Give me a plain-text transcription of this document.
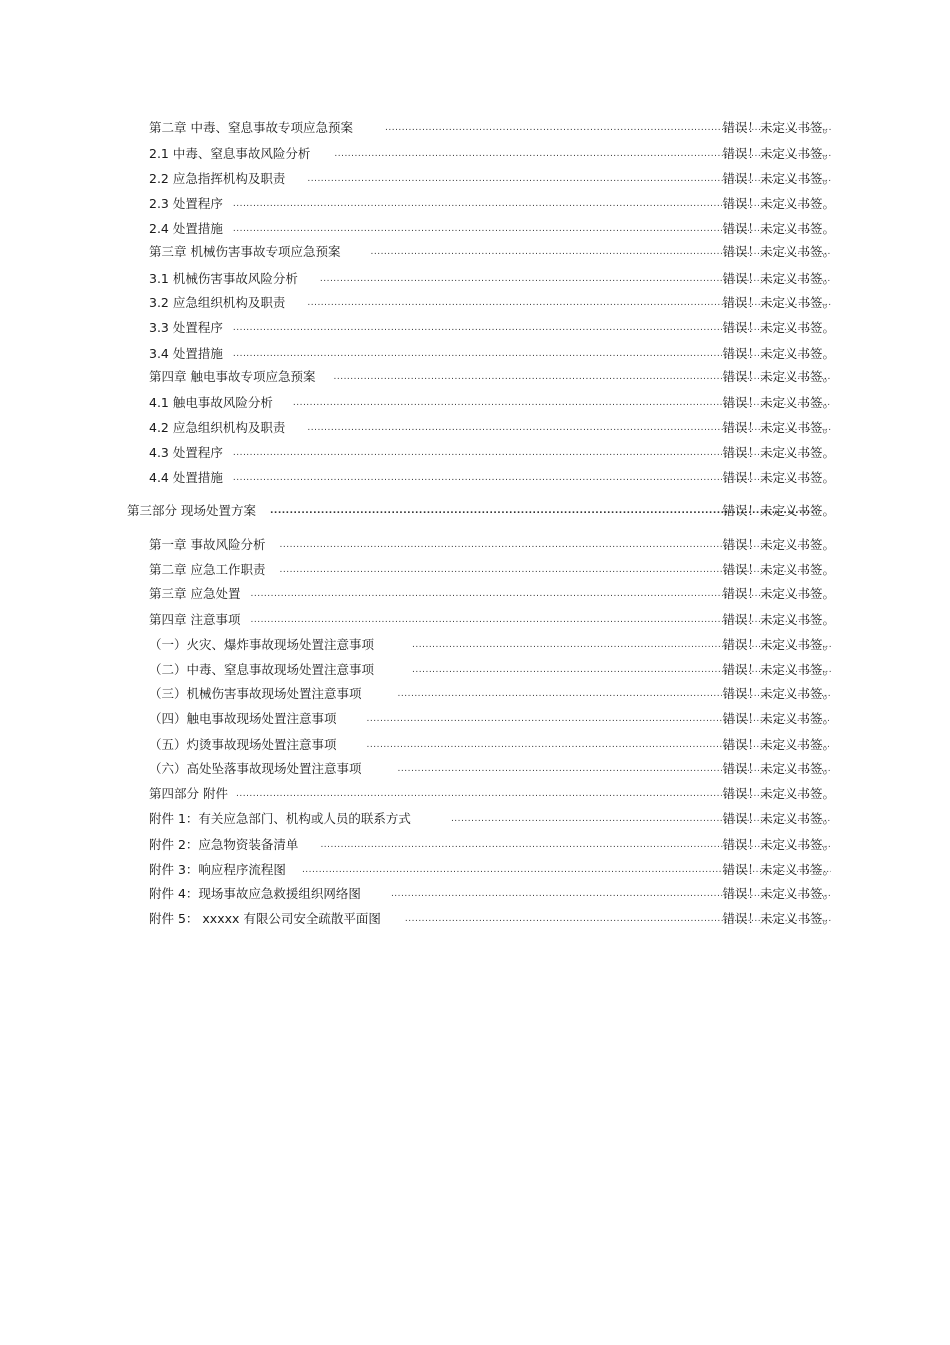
第二章 中毒、窒息事故专项应急预案 .....	错误！未定义书签。
2.1 中毒、窒息事故风险分析 .....	错误！未定义书签。
2.2 应急指挥机构及职责 .....	错误！未定义书签。
2.3 处置程序 .....	错误！未定义书签。
2.4 处置措施 .....	错误！未定义书签。
第三章 机械伤害事故专项应急预案 .....	错误！未定义书签。
3.1 机械伤害事故风险分析 .....	错误！未定义书签。
3.2 应急组织机构及职责 .....	错误！未定义书签。
3.3 处置程序 .....	错误！未定义书签。
3.4 处置措施 .....	错误！未定义书签。
第四章 触电事故专项应急预案 .....	错误！未定义书签。
4.1 触电事故风险分析 .....	错误！未定义书签。
4.2 应急组织机构及职责 .....	错误！未定义书签。
4.3 处置程序 .....	错误！未定义书签。
4.4 处置措施 .....	错误！未定义书签。
第三部分 现场处置方案 .....	错误！未定义书签。
第一章 事故风险分析 .....	错误！未定义书签。
第二章 应急工作职责 .....	错误！未定义书签。
第三章 应急处置 .....	错误！未定义书签。
第四章 注意事项 .....	错误！未定义书签。
（一）火灾、爆炸事故现场处置注意事项 .....	错误！未定义书签。
（二）中毒、窒息事故现场处置注意事项 .....	错误！未定义书签。
（三）机械伤害事故现场处置注意事项 .....	错误！未定义书签。
（四）触电事故现场处置注意事项 .....	错误！未定义书签。
（五）灼烫事故现场处置注意事项 .....	错误！未定义书签。
（六）高处坠落事故现场处置注意事项 .....	错误！未定义书签。
第四部分 附件 .....	错误！未定义书签。
附件 1：有关应急部门、机构或人员的联系方式 .....	错误！未定义书签。
附件 2：应急物资装备清单 .....	错误！未定义书签。
附件 3：响应程序流程图 .....	错误！未定义书签。
附件 4：现场事故应急救援组织网络图 .....	错误！未定义书签。
附件 5： xxxxx 有限公司安全疏散平面图 .....	错误！未定义书签。
